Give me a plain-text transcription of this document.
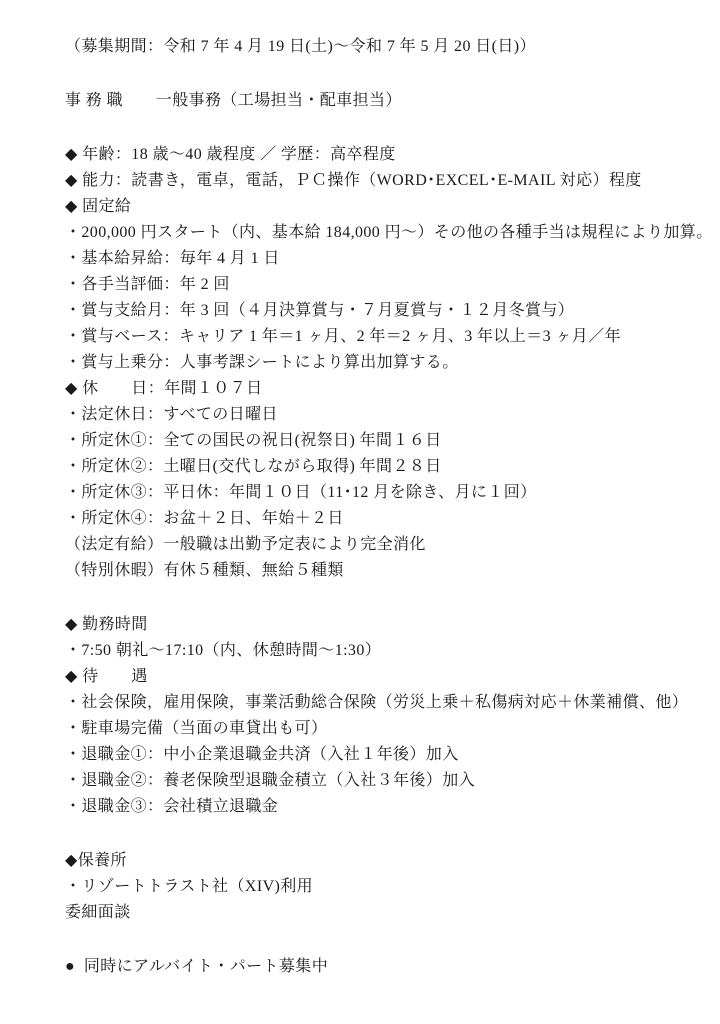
（募集期間：令和 7 年 4 月 19 日(土)～令和 7 年 5 月 20 日(日)）

事 務 職　　一般事務（工場担当・配車担当）

◆ 年齢：18 歳～40 歳程度 ／ 学歴：高卒程度

◆ 能力：読書き，電卓，電話，ＰＣ操作（WORD･EXCEL･E-MAIL 対応）程度

◆ 固定給

・200,000 円スタート（内、基本給 184,000 円～）その他の各種手当は規程により加算。

・基本給昇給：毎年 4 月 1 日

・各手当評価：年 2 回

・賞与支給月：年 3 回（４月決算賞与・７月夏賞与・１２月冬賞与）

・賞与ベース：キャリア 1 年＝1 ヶ月、2 年＝2 ヶ月、3 年以上＝3 ヶ月／年

・賞与上乗分：人事考課シートにより算出加算する。

◆ 休　　日：年間１０７日

・法定休日：すべての日曜日

・所定休①：全ての国民の祝日(祝祭日) 年間１６日

・所定休②：土曜日(交代しながら取得) 年間２８日

・所定休③：平日休：年間１０日（11･12 月を除き、月に１回）

・所定休④：お盆＋２日、年始＋２日

（法定有給）一般職は出勤予定表により完全消化

（特別休暇）有休５種類、無給５種類

◆ 勤務時間

・7:50 朝礼～17:10（内、休憩時間～1:30）

◆ 待　　遇

・社会保険，雇用保険，事業活動総合保険（労災上乗＋私傷病対応＋休業補償、他）

・駐車場完備（当面の車貸出も可）

・退職金①：中小企業退職金共済（入社１年後）加入

・退職金②：養老保険型退職金積立（入社３年後）加入

・退職金③：会社積立退職金

◆保養所

・リゾートトラスト社（XIV)利用

委細面談

●  同時にアルバイト・パート募集中
